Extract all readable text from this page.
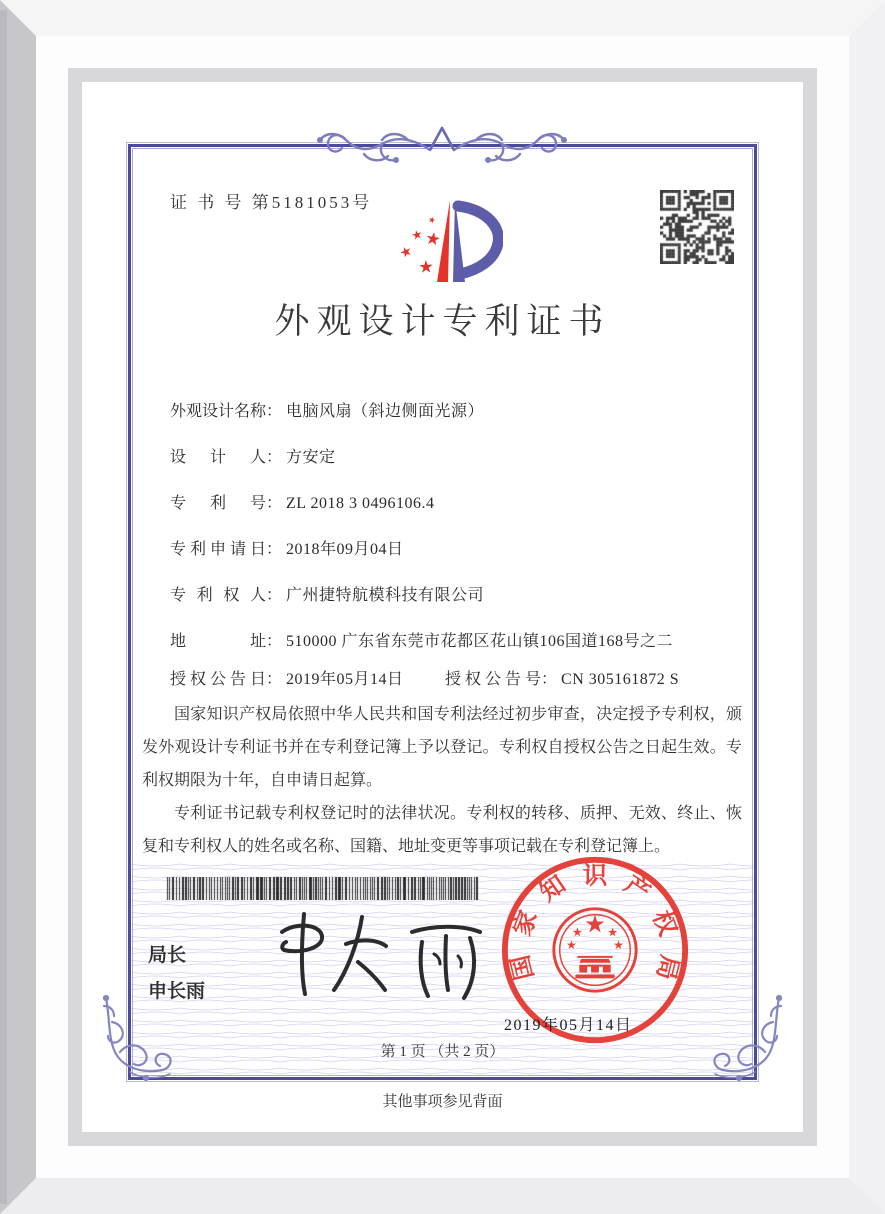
证 书 号 第5181053号
外观设计专利证书
外观设计名称： 电脑风扇（斜边侧面光源）
设计人： 方安定
专利号： ZL 2018 3 0496106.4
专利申请日： 2018年09月04日
专利权人： 广州捷特航模科技有限公司
地址： 510000 广东省东莞市花都区花山镇106国道168号之二
授权公告日： 2019年05月14日	授权公告号： CN 305161872 S

国家知识产权局依照中华人民共和国专利法经过初步审查，决定授予专利权，颁发外观设计专利证书并在专利登记簿上予以登记。专利权自授权公告之日起生效。专利权期限为十年，自申请日起算。

专利证书记载专利权登记时的法律状况。专利权的转移、质押、无效、终止、恢复和专利权人的姓名或名称、国籍、地址变更等事项记载在专利登记簿上。

局长
申长雨
国家知识产权局
2019年05月14日
第 1 页 （共 2 页）
其他事项参见背面
